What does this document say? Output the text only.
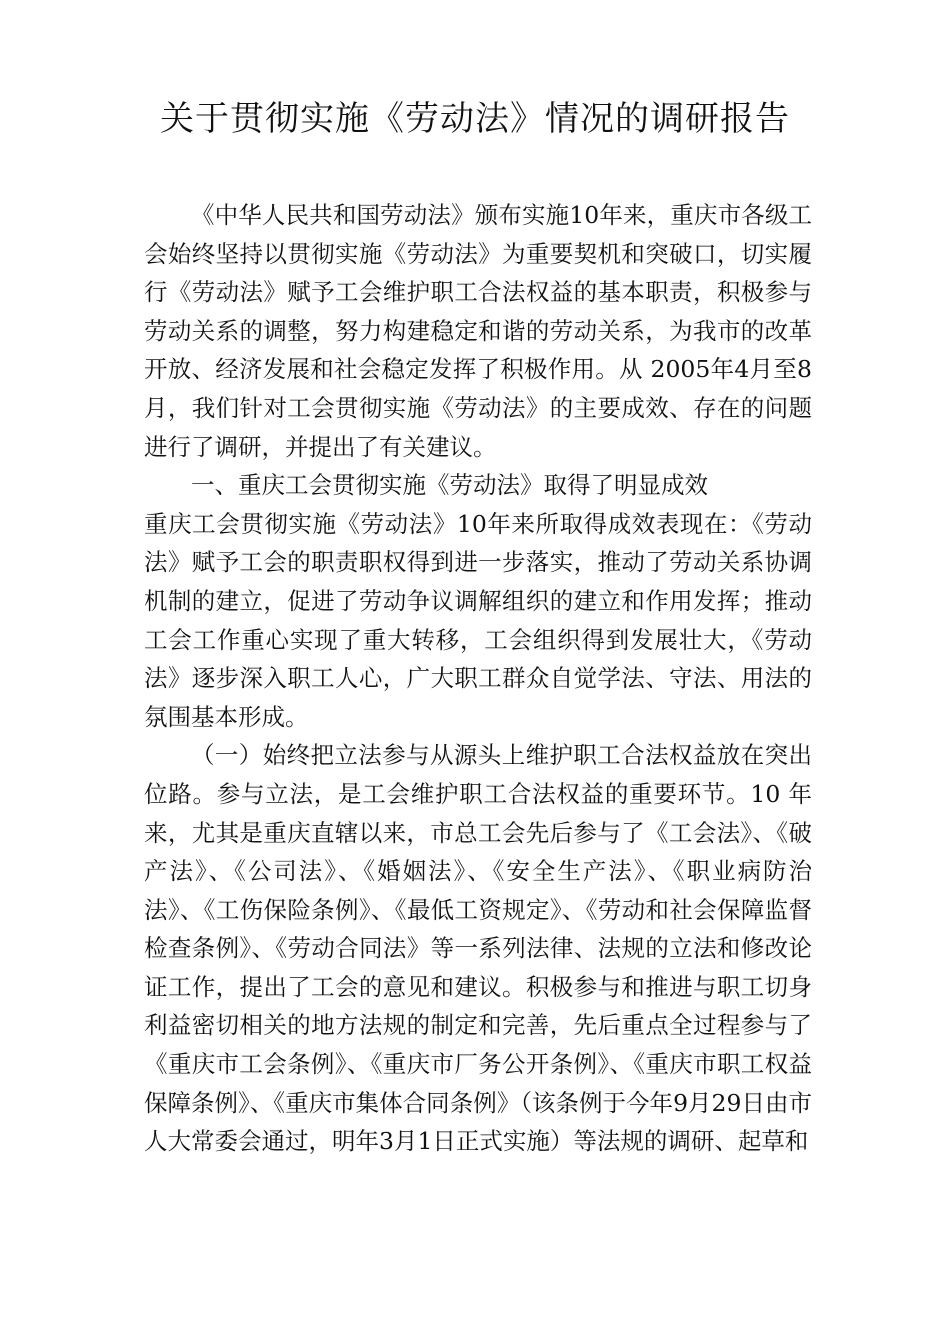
关于贯彻实施《劳动法》情况的调研报告

《中华人民共和国劳动法》颁布实施10年来，重庆市各级工会始终坚持以贯彻实施《劳动法》为重要契机和突破口，切实履行《劳动法》赋予工会维护职工合法权益的基本职责，积极参与劳动关系的调整，努力构建稳定和谐的劳动关系，为我市的改革开放、经济发展和社会稳定发挥了积极作用。从 2005年4月至8月，我们针对工会贯彻实施《劳动法》的主要成效、存在的问题进行了调研，并提出了有关建议。

一、重庆工会贯彻实施《劳动法》取得了明显成效

重庆工会贯彻实施《劳动法》10年来所取得成效表现在：《劳动法》赋予工会的职责职权得到进一步落实，推动了劳动关系协调机制的建立，促进了劳动争议调解组织的建立和作用发挥；推动工会工作重心实现了重大转移，工会组织得到发展壮大，《劳动法》逐步深入职工人心，广大职工群众自觉学法、守法、用法的氛围基本形成。

（一）始终把立法参与从源头上维护职工合法权益放在突出位路。参与立法，是工会维护职工合法权益的重要环节。10 年来，尤其是重庆直辖以来，市总工会先后参与了《工会法》、《破产法》、《公司法》、《婚姻法》、《安全生产法》、《职业病防治法》、《工伤保险条例》、《最低工资规定》、《劳动和社会保障监督检查条例》、《劳动合同法》等一系列法律、法规的立法和修改论证工作，提出了工会的意见和建议。积极参与和推进与职工切身利益密切相关的地方法规的制定和完善，先后重点全过程参与了《重庆市工会条例》、《重庆市厂务公开条例》、《重庆市职工权益保障条例》、《重庆市集体合同条例》（该条例于今年9月29日由市人大常委会通过，明年3月1日正式实施）等法规的调研、起草和
